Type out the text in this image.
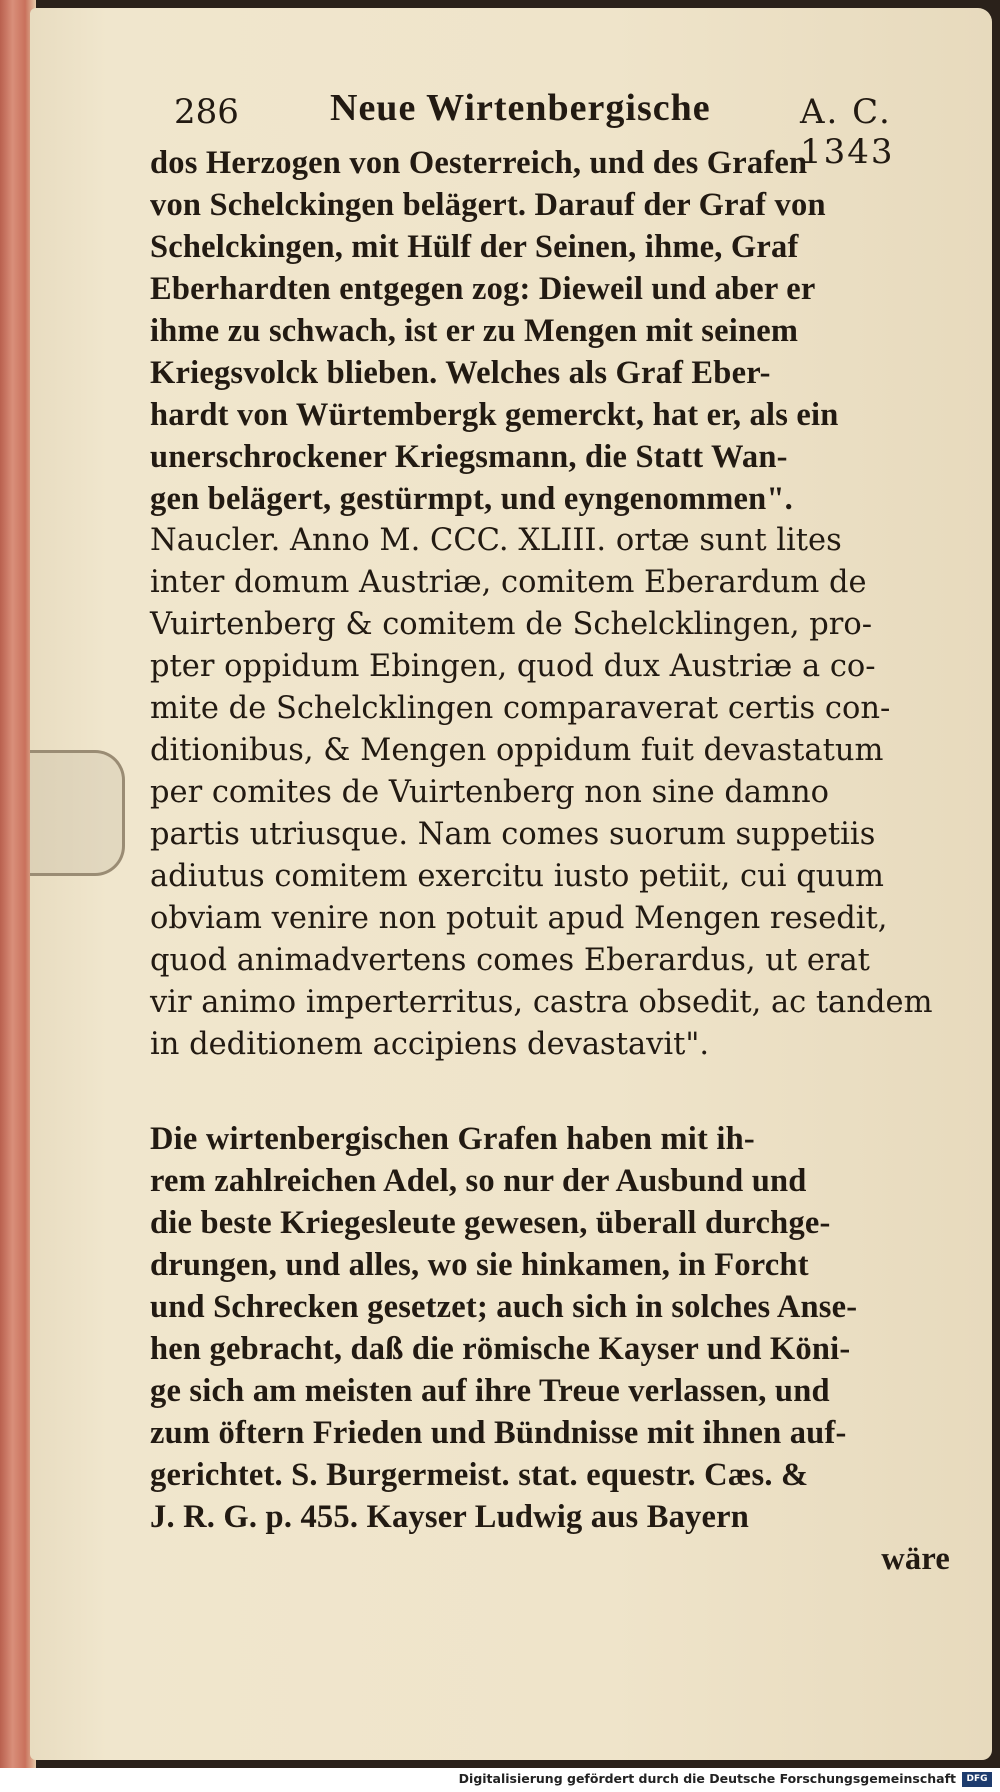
286 Neue Wirtenbergische	A. C. 1343
dos Herzogen von Oesterreich, und des Grafen
von Schelckingen belägert. Darauf der Graf von
Schelckingen, mit Hülf der Seinen, ihme, Graf
Eberhardten entgegen zog: Dieweil und aber er
ihme zu schwach, ist er zu Mengen mit seinem
Kriegsvolck blieben. Welches als Graf Eber-
hardt von Würtembergk gemerckt, hat er, als ein
unerschrockener Kriegsmann, die Statt Wan-
gen belägert, gestürmpt, und eyngenommen".
Naucler. Anno M. CCC. XLIII. ortæ sunt lites
inter domum Austriæ, comitem Eberardum de
Vuirtenberg & comitem de Schelcklingen, pro-
pter oppidum Ebingen, quod dux Austriæ a co-
mite de Schelcklingen comparaverat certis con-
ditionibus, & Mengen oppidum fuit devastatum
per comites de Vuirtenberg non sine damno
partis utriusque. Nam comes suorum suppetiis
adiutus comitem exercitu iusto petiit, cui quum
obviam venire non potuit apud Mengen resedit,
quod animadvertens comes Eberardus, ut erat
vir animo imperterritus, castra obsedit, ac tandem
in deditionem accipiens devastavit".
Die wirtenbergischen Grafen haben mit ih-
rem zahlreichen Adel, so nur der Ausbund und
die beste Kriegesleute gewesen, überall durchge-
drungen, und alles, wo sie hinkamen, in Forcht
und Schrecken gesetzet; auch sich in solches Anse-
hen gebracht, daß die römische Kayser und Köni-
ge sich am meisten auf ihre Treue verlassen, und
zum öftern Frieden und Bündnisse mit ihnen auf-
gerichtet. S. Burgermeist. stat. equestr. Cæs. &
J. R. G. p. 455. Kayser Ludwig aus Bayern
wäre
Digitalisierung gefördert durch die Deutsche Forschungsgemeinschaft	DFG
